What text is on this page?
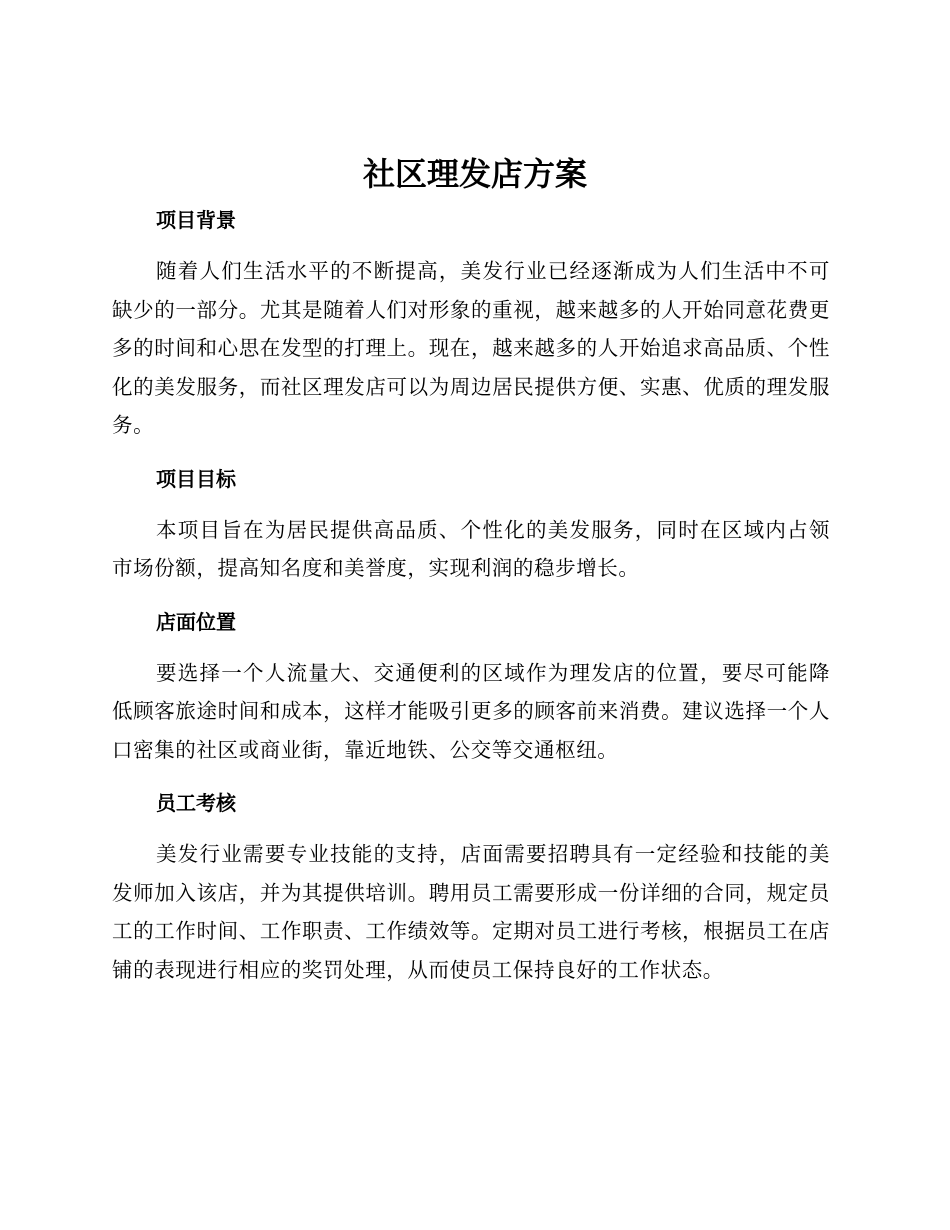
社区理发店方案
项目背景

随着人们生活水平的不断提高，美发行业已经逐渐成为人们生活中不可缺少的一部分。尤其是随着人们对形象的重视，越来越多的人开始同意花费更多的时间和心思在发型的打理上。现在，越来越多的人开始追求高品质、个性化的美发服务，而社区理发店可以为周边居民提供方便、实惠、优质的理发服务。

项目目标

本项目旨在为居民提供高品质、个性化的美发服务，同时在区域内占领市场份额，提高知名度和美誉度，实现利润的稳步增长。

店面位置

要选择一个人流量大、交通便利的区域作为理发店的位置，要尽可能降低顾客旅途时间和成本，这样才能吸引更多的顾客前来消费。建议选择一个人口密集的社区或商业街，靠近地铁、公交等交通枢纽。

员工考核

美发行业需要专业技能的支持，店面需要招聘具有一定经验和技能的美发师加入该店，并为其提供培训。聘用员工需要形成一份详细的合同，规定员工的工作时间、工作职责、工作绩效等。定期对员工进行考核，根据员工在店铺的表现进行相应的奖罚处理，从而使员工保持良好的工作状态。
